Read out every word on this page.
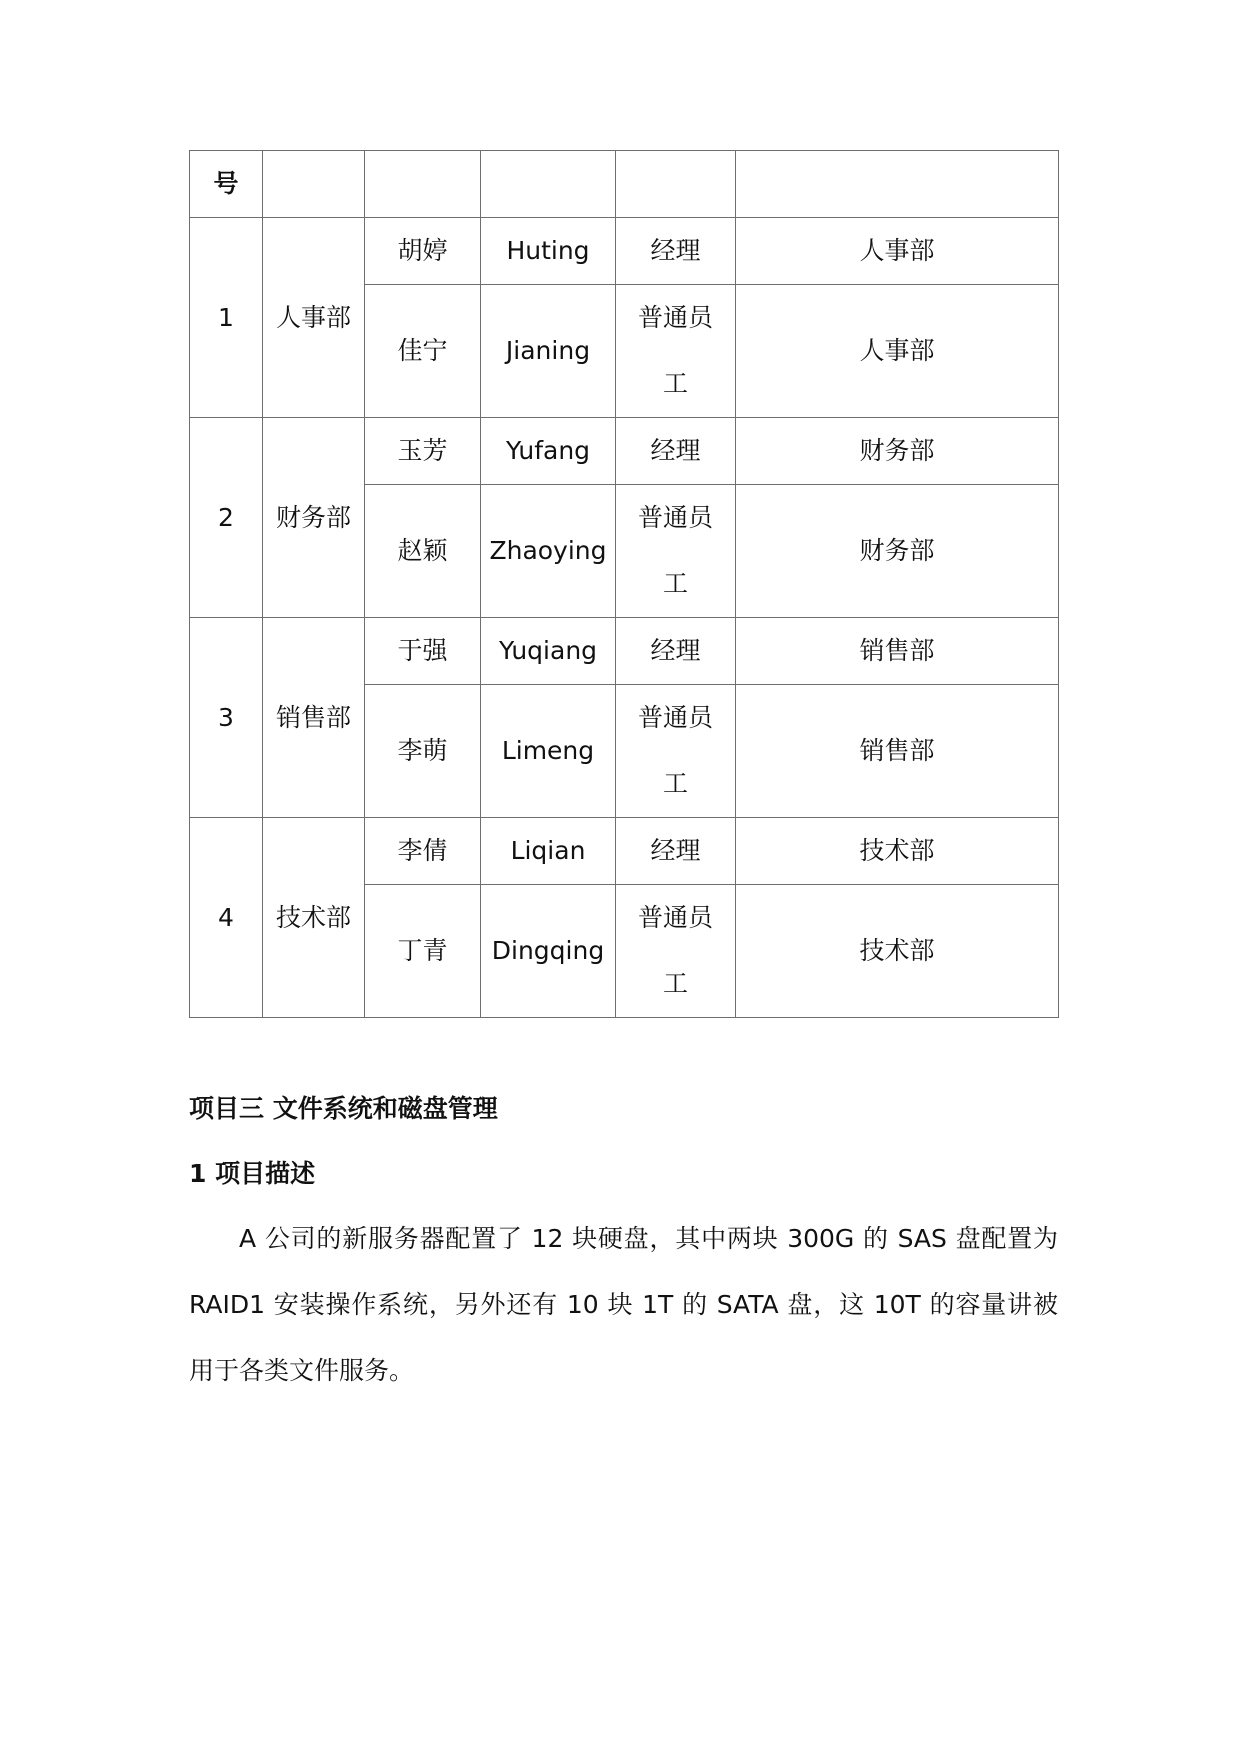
号					
1	人事部	胡婷	Huting	经理	人事部
		佳宁	Jianing	普通员工	人事部
2	财务部	玉芳	Yufang	经理	财务部
		赵颖	Zhaoying	普通员工	财务部
3	销售部	于强	Yuqiang	经理	销售部
		李萌	Limeng	普通员工	销售部
4	技术部	李倩	Liqian	经理	技术部
		丁青	Dingqing	普通员工	技术部

项目三 文件系统和磁盘管理

1 项目描述

A 公司的新服务器配置了 12 块硬盘，其中两块 300G 的 SAS 盘配置为 RAID1 安装操作系统，另外还有 10 块 1T 的 SATA 盘，这 10T 的容量讲被用于各类文件服务。
